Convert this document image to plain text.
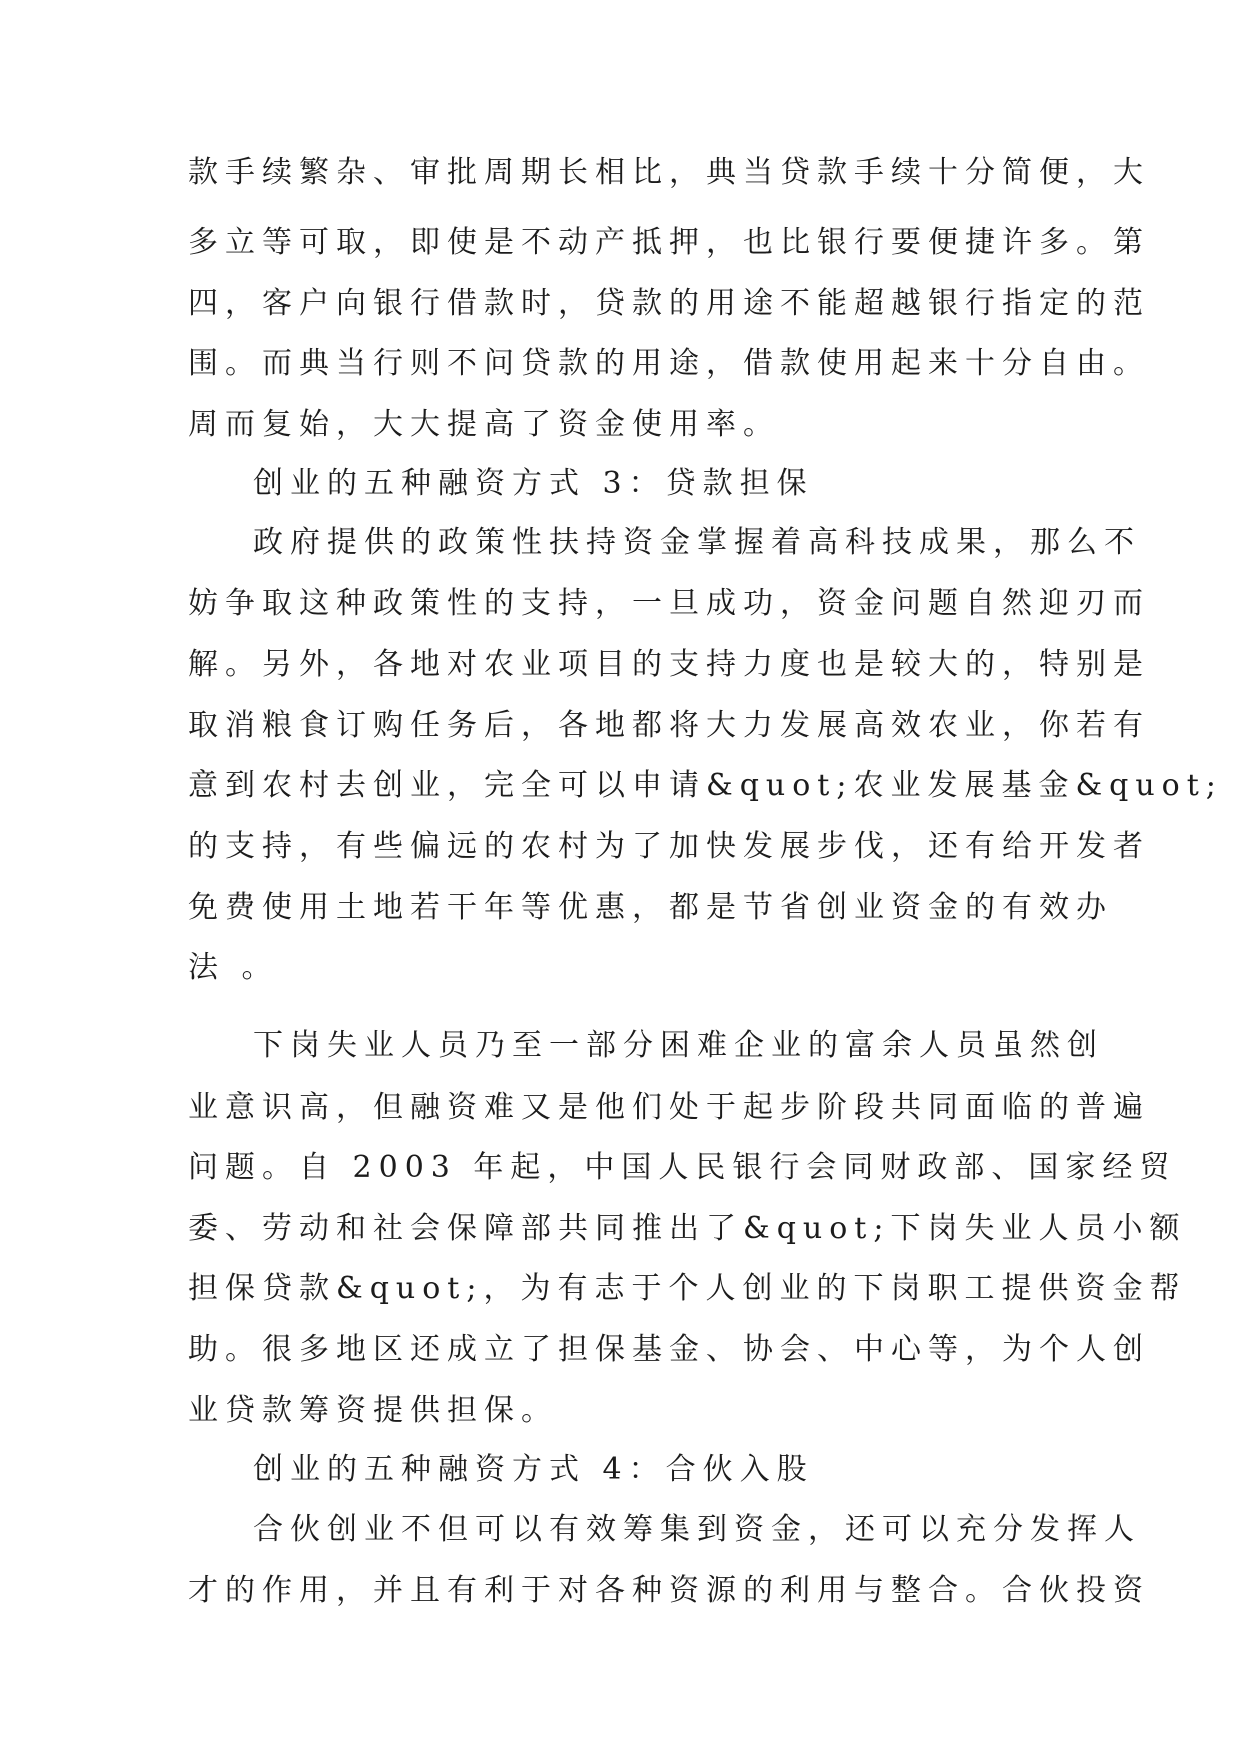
款手续繁杂、审批周期长相比，典当贷款手续十分简便，大
多立等可取，即使是不动产抵押，也比银行要便捷许多。第
四，客户向银行借款时，贷款的用途不能超越银行指定的范
围。而典当行则不问贷款的用途，借款使用起来十分自由。
周而复始，大大提高了资金使用率。
创业的五种融资方式 3：贷款担保
政府提供的政策性扶持资金掌握着高科技成果，那么不
妨争取这种政策性的支持，一旦成功，资金问题自然迎刃而
解。另外，各地对农业项目的支持力度也是较大的，特别是
取消粮食订购任务后，各地都将大力发展高效农业，你若有
意到农村去创业，完全可以申请&quot;农业发展基金&quot;
的支持，有些偏远的农村为了加快发展步伐，还有给开发者
免费使用土地若干年等优惠，都是节省创业资金的有效办
法 。
下岗失业人员乃至一部分困难企业的富余人员虽然创
业意识高，但融资难又是他们处于起步阶段共同面临的普遍
问题。自 2003 年起，中国人民银行会同财政部、国家经贸
委、劳动和社会保障部共同推出了&quot;下岗失业人员小额
担保贷款&quot;，为有志于个人创业的下岗职工提供资金帮
助。很多地区还成立了担保基金、协会、中心等，为个人创
业贷款筹资提供担保。
创业的五种融资方式 4：合伙入股
合伙创业不但可以有效筹集到资金，还可以充分发挥人
才的作用，并且有利于对各种资源的利用与整合。合伙投资
